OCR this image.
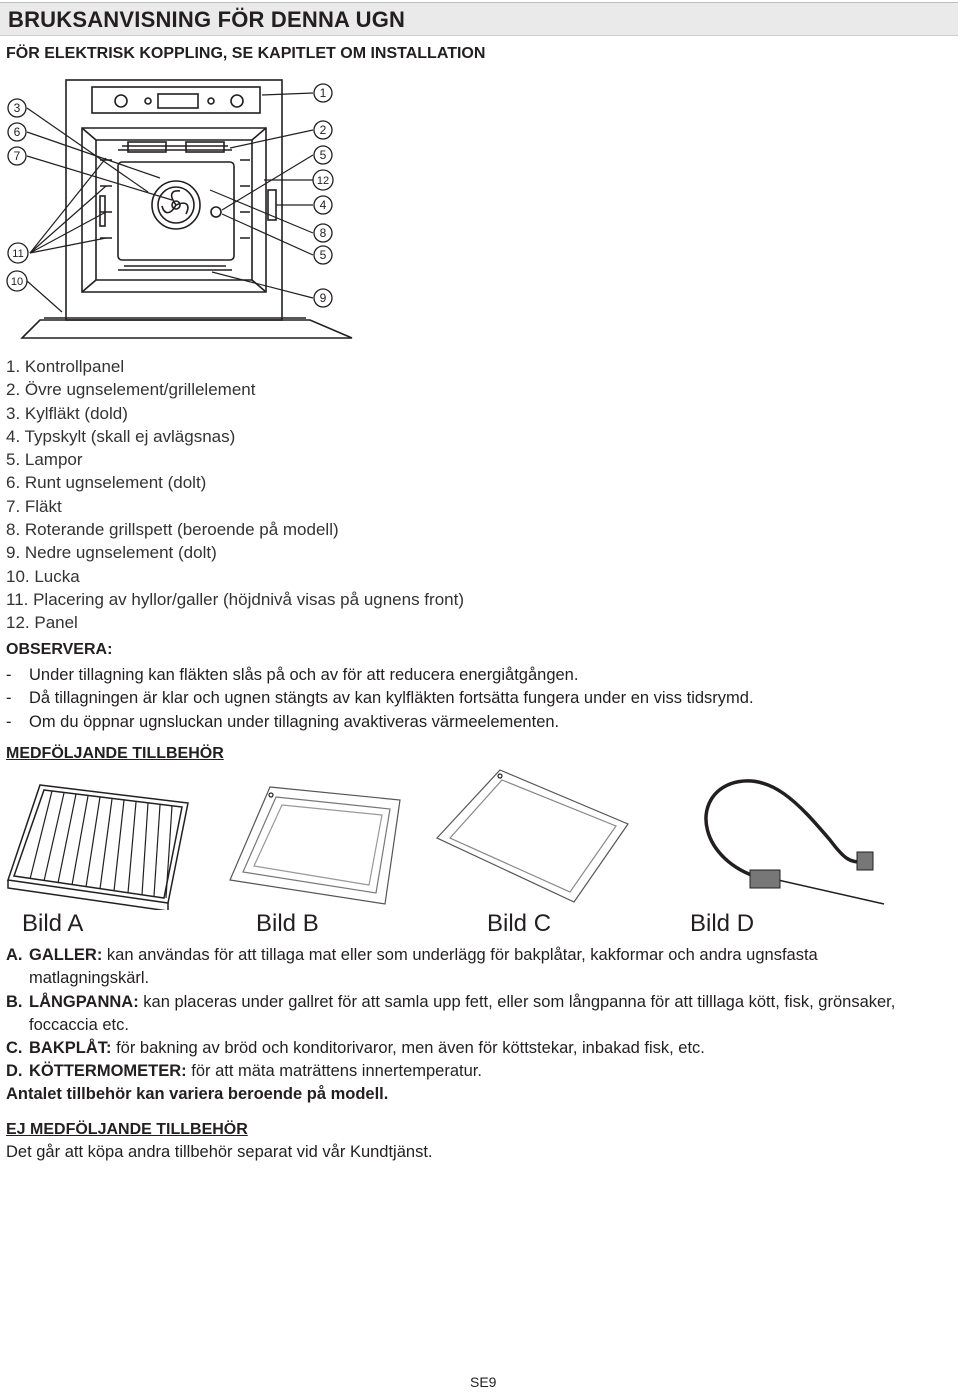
BRUKSANVISNING FÖR DENNA UGN
FÖR ELEKTRISK KOPPLING, SE KAPITLET OM INSTALLATION
3
6
7
11
10
1
2
5
12
4
8
5
9
1. Kontrollpanel
2. Övre ugnselement/grillelement
3. Kylfläkt (dold)
4. Typskylt (skall ej avlägsnas)
5. Lampor
6. Runt ugnselement (dolt)
7. Fläkt
8. Roterande grillspett (beroende på modell)
9. Nedre ugnselement (dolt)
10. Lucka
11. Placering av hyllor/galler (höjdnivå visas på ugnens front)
12. Panel
OBSERVERA:
- Under tillagning kan fläkten slås på och av för att reducera energiåtgången.
- Då tillagningen är klar och ugnen stängts av kan kylfläkten fortsätta fungera under en viss tidsrymd.
- Om du öppnar ugnsluckan under tillagning avaktiveras värmeelementen.
MEDFÖLJANDE TILLBEHÖR
Bild A	Bild B	Bild C	Bild D

A. GALLER: kan användas för att tillaga mat eller som underlägg för bakplåtar, kakformar och andra ugnsfasta matlagningskärl.

B. LÅNGPANNA: kan placeras under gallret för att samla upp fett, eller som långpanna för att tilllaga kött, fisk, grönsaker, foccaccia etc.

C. BAKPLÅT: för bakning av bröd och konditorivaror, men även för köttstekar, inbakad fisk, etc.

D. KÖTTERMOMETER: för att mäta maträttens innertemperatur.

Antalet tillbehör kan variera beroende på modell.
EJ MEDFÖLJANDE TILLBEHÖR
Det går att köpa andra tillbehör separat vid vår Kundtjänst.
SE9
